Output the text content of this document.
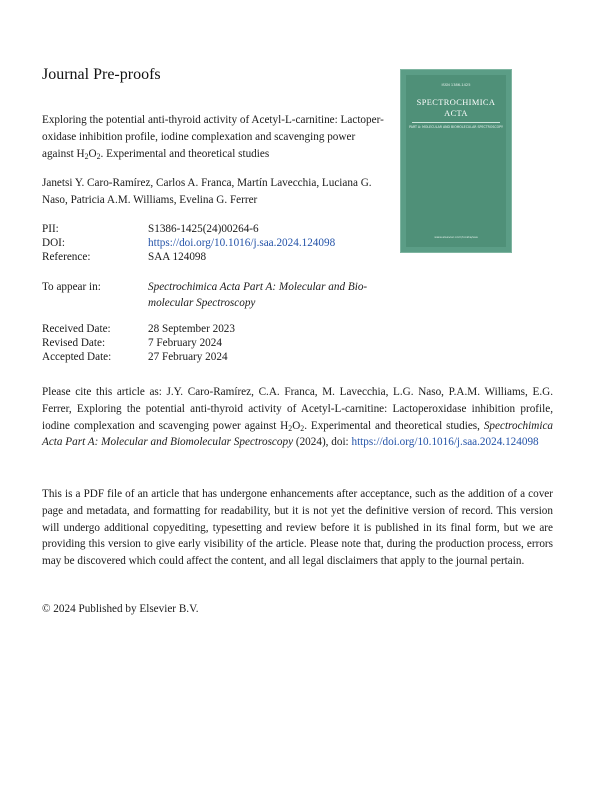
Journal Pre-proofs
ISSN 1386-1425
SPECTROCHIMICA
ACTA
PART A: MOLECULAR AND BIOMOLECULAR SPECTROSCOPY
www.elsevier.com/locate/saa
Exploring the potential anti-thyroid activity of Acetyl-L-carnitine: Lactoper- oxidase inhibition profile, iodine complexation and scavenging power against $H_2O_2$. Experimental and theoretical studies
Janetsi Y. Caro-Ramírez, Carlos A. Franca, Martín Lavecchia, Luciana G. Naso, Patricia A.M. Williams, Evelina G. Ferrer
PII:	S1386-1425(24)00264-6
DOI:	https://doi.org/10.1016/j.saa.2024.124098
Reference:	SAA 124098
To appear in:	Spectrochimica Acta Part A: Molecular and Bio- molecular Spectroscopy
Received Date:	28 September 2023
Revised Date:	7 February 2024
Accepted Date:	27 February 2024
Please cite this article as: J.Y. Caro-Ramírez, C.A. Franca, M. Lavecchia, L.G. Naso, P.A.M. Williams, E.G. Ferrer, Exploring the potential anti-thyroid activity of Acetyl-L-carnitine: Lactoperoxidase inhibition profile, iodine complexation and scavenging power against $H_2O_2$. Experimental and theoretical studies, Spectrochimica Acta Part A: Molecular and Biomolecular Spectroscopy (2024), doi: https://doi.org/10.1016/j.saa.2024.124098
This is a PDF file of an article that has undergone enhancements after acceptance, such as the addition of a cover page and metadata, and formatting for readability, but it is not yet the definitive version of record. This version will undergo additional copyediting, typesetting and review before it is published in its final form, but we are providing this version to give early visibility of the article. Please note that, during the production process, errors may be discovered which could affect the content, and all legal disclaimers that apply to the journal pertain.
© 2024 Published by Elsevier B.V.
